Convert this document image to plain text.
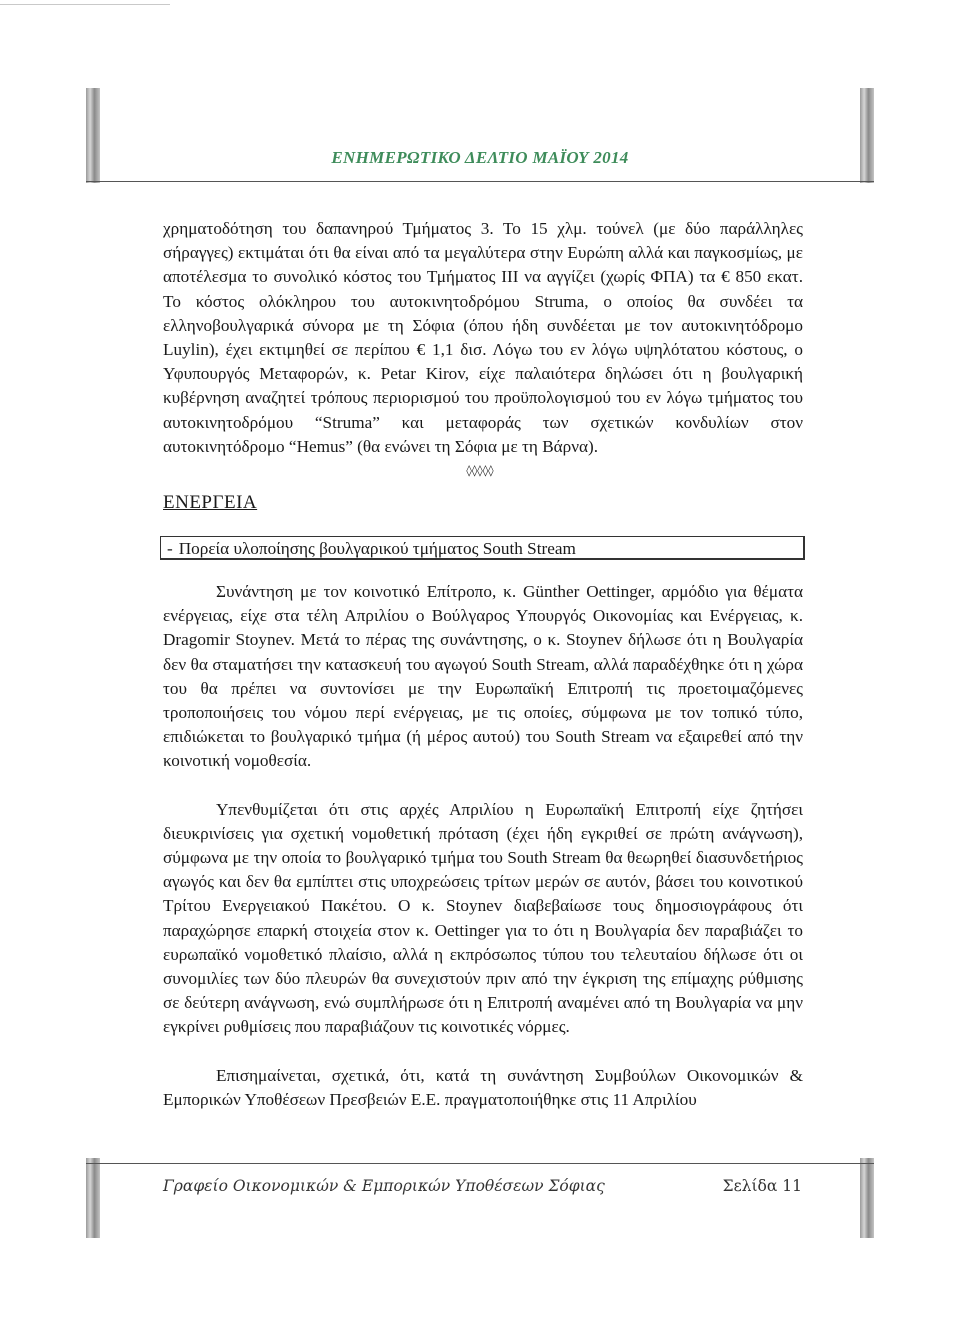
ΕΝΗΜΕΡΩΤΙΚΟ ΔΕΛΤΙΟ ΜΑΪΟΥ 2014

χρηματοδότηση του δαπανηρού Τμήματος 3. Το 15 χλμ. τούνελ (με δύο παράλληλες σήραγγες) εκτιμάται ότι θα είναι από τα μεγαλύτερα στην Ευρώπη αλλά και παγκοσμίως, με αποτέλεσμα το συνολικό κόστος του Τμήματος ΙΙΙ να αγγίζει (χωρίς ΦΠΑ) τα € 850 εκατ. Το κόστος ολόκληρου του αυτοκινητοδρόμου Struma, ο οποίος θα συνδέει τα ελληνοβουλγαρικά σύνορα με τη Σόφια (όπου ήδη συνδέεται με τον αυτοκινητόδρομο Luylin), έχει εκτιμηθεί σε περίπου € 1,1 δισ. Λόγω του εν λόγω υψηλότατου κόστους, ο Υφυπουργός Μεταφορών, κ. Petar Kirov, είχε παλαιότερα δηλώσει ότι η βουλγαρική κυβέρνηση αναζητεί τρόπους περιορισμού του προϋπολογισμού του εν λόγω τμήματος του αυτοκινητοδρόμου “Struma” και μεταφοράς των σχετικών κονδυλίων στον αυτοκινητόδρομο “Hemus” (θα ενώνει τη Σόφια με τη Βάρνα).

◊◊◊◊◊
ΕΝΕΡΓΕΙΑ
- Πορεία υλοποίησης βουλγαρικού τμήματος South Stream

Συνάντηση με τον κοινοτικό Επίτροπο, κ. Günther Oettinger, αρμόδιο για θέματα ενέργειας, είχε στα τέλη Απριλίου ο Βούλγαρος Υπουργός Οικονομίας και Ενέργειας, κ. Dragomir Stoynev. Μετά το πέρας της συνάντησης, ο κ. Stoynev δήλωσε ότι η Βουλγαρία δεν θα σταματήσει την κατασκευή του αγωγού South Stream, αλλά παραδέχθηκε ότι η χώρα του θα πρέπει να συντονίσει με την Ευρωπαϊκή Επιτροπή τις προετοιμαζόμενες τροποποιήσεις του νόμου περί ενέργειας, με τις οποίες, σύμφωνα με τον τοπικό τύπο, επιδιώκεται το βουλγαρικό τμήμα (ή μέρος αυτού) του South Stream να εξαιρεθεί από την κοινοτική νομοθεσία.

Υπενθυμίζεται ότι στις αρχές Απριλίου η Ευρωπαϊκή Επιτροπή είχε ζητήσει διευκρινίσεις για σχετική νομοθετική πρόταση (έχει ήδη εγκριθεί σε πρώτη ανάγνωση), σύμφωνα με την οποία το βουλγαρικό τμήμα του South Stream θα θεωρηθεί διασυνδετήριος αγωγός και δεν θα εμπίπτει στις υποχρεώσεις τρίτων μερών σε αυτόν, βάσει του κοινοτικού Τρίτου Ενεργειακού Πακέτου. Ο κ. Stoynev διαβεβαίωσε τους δημοσιογράφους ότι παραχώρησε επαρκή στοιχεία στον κ. Oettinger για το ότι η Βουλγαρία δεν παραβιάζει το ευρωπαϊκό νομοθετικό πλαίσιο, αλλά η εκπρόσωπος τύπου του τελευταίου δήλωσε ότι οι συνομιλίες των δύο πλευρών θα συνεχιστούν πριν από την έγκριση της επίμαχης ρύθμισης σε δεύτερη ανάγνωση, ενώ συμπλήρωσε ότι η Επιτροπή αναμένει από τη Βουλγαρία να μην εγκρίνει ρυθμίσεις που παραβιάζουν τις κοινοτικές νόρμες.

Επισημαίνεται, σχετικά, ότι, κατά τη συνάντηση Συμβούλων Οικονομικών & Εμπορικών Υποθέσεων Πρεσβειών Ε.Ε. πραγματοποιήθηκε στις 11 Απριλίου

Γραφείο Οικονομικών & Εμπορικών Υποθέσεων Σόφιας	Σελίδα 11
